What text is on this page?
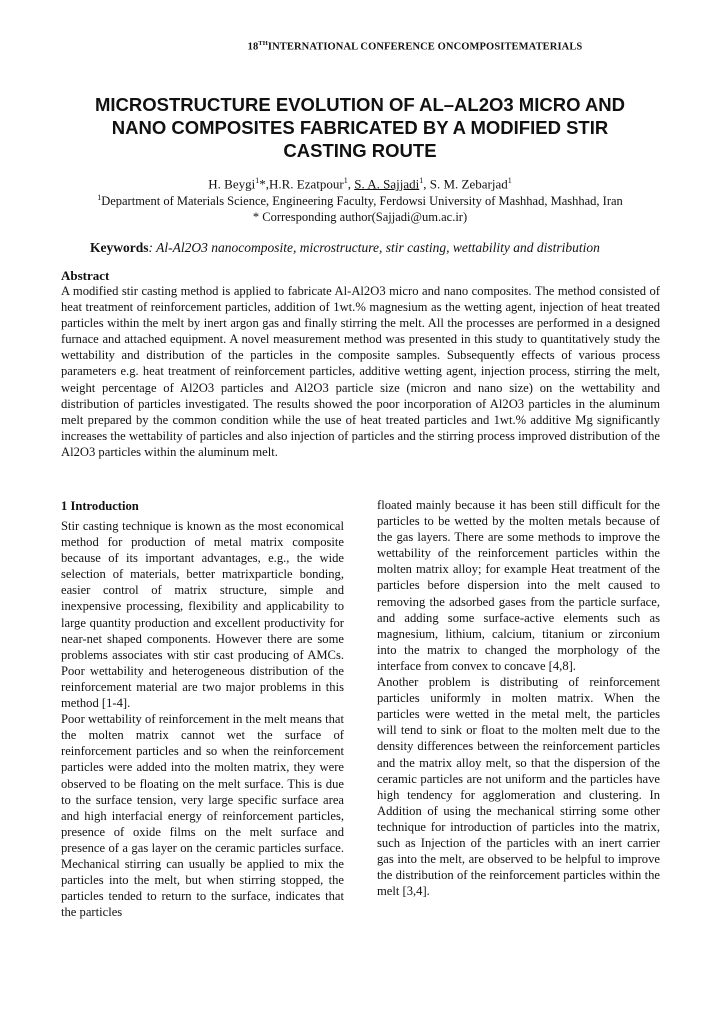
18THINTERNATIONAL CONFERENCE ONCOMPOSITEMATERIALS
MICROSTRUCTURE EVOLUTION OF AL–AL2O3 MICRO AND NANO COMPOSITES FABRICATED BY A MODIFIED STIR CASTING ROUTE
H. Beygi$^1$*,H.R. Ezatpour$^1$, S. A. Sajjadi$^1$, S. M. Zebarjad$^1$
$^1$Department of Materials Science, Engineering Faculty, Ferdowsi University of Mashhad, Mashhad, Iran
* Corresponding author(Sajjadi@um.ac.ir)
Keywords: Al-Al2O3 nanocomposite, microstructure, stir casting, wettability and distribution
Abstract

A modified stir casting method is applied to fabricate Al-Al2O3 micro and nano composites. The method consisted of heat treatment of reinforcement particles, addition of 1wt.% magnesium as the wetting agent, injection of heat treated particles within the melt by inert argon gas and finally stirring the melt. All the processes are performed in a designed furnace and attached equipment. A novel measurement method was presented in this study to quantitatively study the wettability and distribution of the particles in the composite samples. Subsequently effects of various process parameters e.g. heat treatment of reinforcement particles, additive wetting agent, injection process, stirring the melt, weight percentage of Al2O3 particles and Al2O3 particle size (micron and nano size) on the wettability and distribution of particles investigated. The results showed the poor incorporation of Al2O3 particles in the aluminum melt prepared by the common condition while the use of heat treated particles and 1wt.% additive Mg significantly increases the wettability of particles and also injection of particles and the stirring process improved distribution of the Al2O3 particles within the aluminum melt.

1 Introduction

Stir casting technique is known as the most economical method for production of metal matrix composite because of its important advantages, e.g., the wide selection of materials, better matrixparticle bonding, easier control of matrix structure, simple and inexpensive processing, flexibility and applicability to large quantity production and excellent productivity for near-net shaped components. However there are some problems associates with stir cast producing of AMCs. Poor wettability and heterogeneous distribution of the reinforcement material are two major problems in this method [1-4].

Poor wettability of reinforcement in the melt means that the molten matrix cannot wet the surface of reinforcement particles and so when the reinforcement particles were added into the molten matrix, they were observed to be floating on the melt surface. This is due to the surface tension, very large specific surface area and high interfacial energy of reinforcement particles, presence of oxide films on the melt surface and presence of a gas layer on the ceramic particles surface. Mechanical stirring can usually be applied to mix the particles into the melt, but when stirring stopped, the particles tended to return to the surface, indicates that the particles

floated mainly because it has been still difficult for the particles to be wetted by the molten metals because of the gas layers. There are some methods to improve the wettability of the reinforcement particles within the molten matrix alloy; for example Heat treatment of the particles before dispersion into the melt caused to removing the adsorbed gases from the particle surface, and adding some surface-active elements such as magnesium, lithium, calcium, titanium or zirconium into the matrix to changed the morphology of the interface from convex to concave [4,8].

Another problem is distributing of reinforcement particles uniformly in molten matrix. When the particles were wetted in the metal melt, the particles will tend to sink or float to the molten melt due to the density differences between the reinforcement particles and the matrix alloy melt, so that the dispersion of the ceramic particles are not uniform and the particles have high tendency for agglomeration and clustering. In Addition of using the mechanical stirring some other technique for introduction of particles into the matrix, such as Injection of the particles with an inert carrier gas into the melt, are observed to be helpful to improve the distribution of the reinforcement particles within the melt [3,4].
